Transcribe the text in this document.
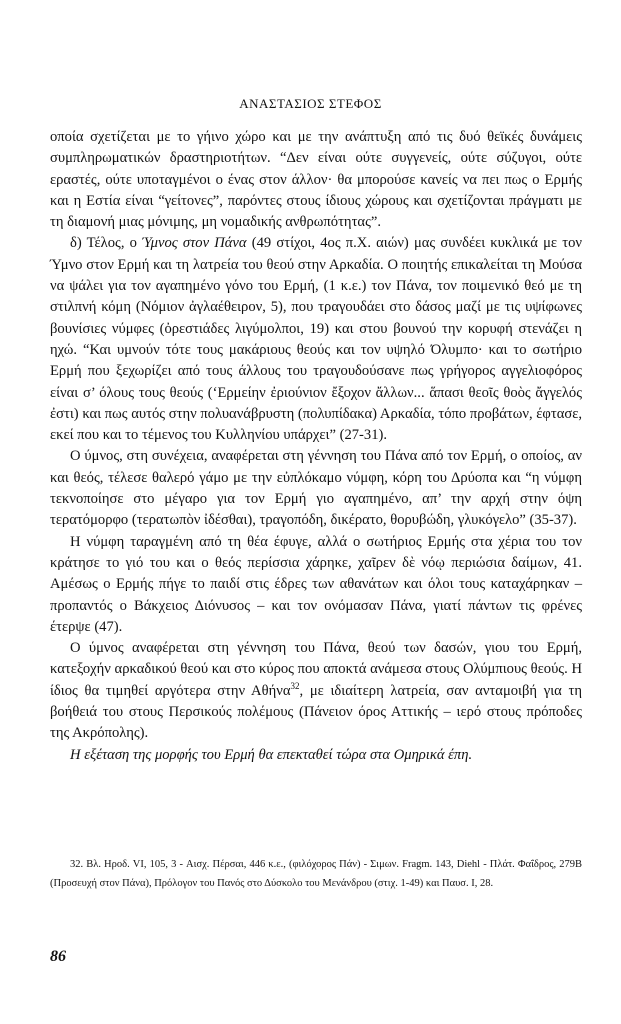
ΑΝΑΣΤΑΣΙΟΣ ΣΤΕΦΟΣ

οποία σχετίζεται με το γήινο χώρο και με την ανάπτυξη από τις δυό θεϊκές δυνάμεις συμπληρωματικών δραστηριοτήτων. “Δεν είναι ούτε συγγενείς, ούτε σύζυγοι, ούτε εραστές, ούτε υποταγμένοι ο ένας στον άλλον· θα μπορούσε κανείς να πει πως ο Ερμής και η Εστία είναι “γείτονες”, παρόντες στους ίδιους χώρους και σχετίζονται πράγματι με τη διαμονή μιας μόνιμης, μη νομαδικής ανθρωπότητας”.

δ) Τέλος, ο Ύμνος στον Πάνα (49 στίχοι, 4ος π.Χ. αιών) μας συνδέει κυκλικά με τον Ύμνο στον Ερμή και τη λατρεία του θεού στην Αρκαδία. Ο ποιητής επικαλείται τη Μούσα να ψάλει για τον αγαπημένο γόνο του Ερμή, (1 κ.ε.) τον Πάνα, τον ποιμενικό θεό με τη στιλπνή κόμη (Νόμιον ἀγλαέθειρον, 5), που τραγουδάει στο δάσος μαζί με τις υψίφωνες βουνίσιες νύμφες (ὀρεστιάδες λιγύμολποι, 19) και στου βουνού την κορυφή στενάζει η ηχώ. “Και υμνούν τότε τους μακάριους θεούς και τον υψηλό Όλυμπο· και το σωτήριο Ερμή που ξεχωρίζει από τους άλλους του τραγουδούσανε πως γρήγορος αγγελιοφόρος είναι σ’ όλους τους θεούς (‘Ερμείην ἐριούνιον ἔξοχον ἄλλων... ἅπασι θεοῖς θοὸς ἄγγελός ἐστι) και πως αυτός στην πολυανάβρυστη (πολυπίδακα) Αρκαδία, τόπο προβάτων, έφτασε, εκεί που και το τέμενος του Κυλληνίου υπάρχει” (27-31).

Ο ύμνος, στη συνέχεια, αναφέρεται στη γέννηση του Πάνα από τον Ερμή, ο οποίος, αν και θεός, τέλεσε θαλερό γάμο με την εὐπλόκαμο νύμφη, κόρη του Δρύοπα και “η νύμφη τεκνοποίησε στο μέγαρο για τον Ερμή γιο αγαπημένο, απ’ την αρχή στην όψη τερατόμορφο (τερατωπὸν ἰδέσθαι), τραγοπόδη, δικέρατο, θορυβώδη, γλυκόγελο” (35-37).

Η νύμφη ταραγμένη από τη θέα έφυγε, αλλά ο σωτήριος Ερμής στα χέρια του τον κράτησε το γιό του και ο θεός περίσσια χάρηκε, χαῖρεν δὲ νόῳ περιώσια δαίμων, 41. Αμέσως ο Ερμής πήγε το παιδί στις έδρες των αθανάτων και όλοι τους καταχάρηκαν – προπαντός ο Βάκχειος Διόνυσος – και τον ονόμασαν Πάνα, γιατί πάντων τις φρένες έτερψε (47).

Ο ύμνος αναφέρεται στη γέννηση του Πάνα, θεού των δασών, γιου του Ερμή, κατεξοχήν αρκαδικού θεού και στο κύρος που αποκτά ανάμεσα στους Ολύμπιους θεούς. Η ίδιος θα τιμηθεί αργότερα στην Αθήνα$^{32}$, με ιδιαίτερη λατρεία, σαν ανταμοιβή για τη βοήθειά του στους Περσικούς πολέμους (Πάνειον όρος Αττικής – ιερό στους πρόποδες της Ακρόπολης).

Η εξέταση της μορφής του Ερμή θα επεκταθεί τώρα στα Ομηρικά έπη.

32. Βλ. Ηροδ. VI, 105, 3 - Αισχ. Πέρσαι, 446 κ.ε., (φιλόχορος Πάν) - Σιμων. Fragm. 143, Diehl - Πλάτ. Φαΐδρος, 279Β (Προσευχή στον Πάνα), Πρόλογον του Πανός στο Δύσκολο του Μενάνδρου (στιχ. 1-49) και Παυσ. Ι, 28.

86
